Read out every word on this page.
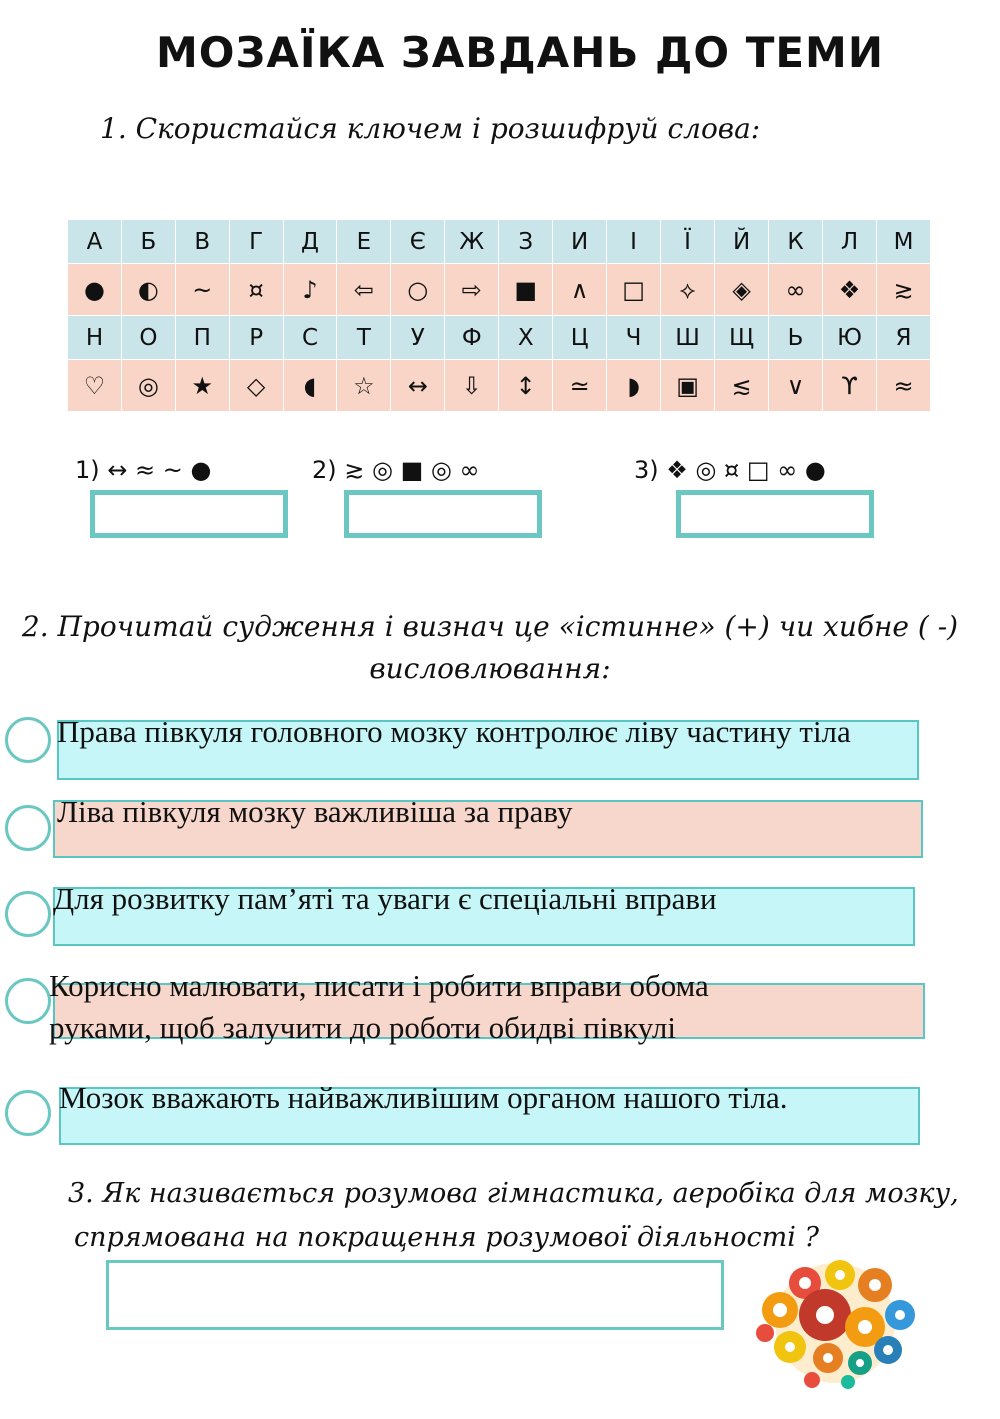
МОЗАЇКА ЗАВДАНЬ ДО ТЕМИ
1. Скористайся ключем і розшифруй слова:
А	Б	В	Г	Д	Е	Є	Ж	З	И	І	Ї	Й	К	Л	М
●	◐	~	¤	♪	⇦	○	⇨	■	∧	□	⟡	◈	∞	❖	≳
Н	О	П	Р	С	Т	У	Ф	Х	Ц	Ч	Ш	Щ	Ь	Ю	Я
♡	◎	★	◇	◖	☆	↔	⇩	↕	≃	◗	▣	≲	∨	ϒ	≈
1) ↔ ≈ ~ ●	2) ≳ ◎ ■ ◎ ∞	3) ❖ ◎ ¤ □ ∞ ●
2. Прочитай судження і визнач це «істинне» (+) чи хибне ( -)
висловлювання:
Права півкуля головного мозку контролює ліву частину тіла
Ліва півкуля мозку важливіша за праву
Для розвитку пам’яті та уваги є спеціальні вправи
Корисно малювати, писати і робити вправи обома
руками, щоб залучити до роботи обидві півкулі
Мозок вважають найважливішим органом нашого тіла.
3. Як називається розумова гімнастика, аеробіка для мозку,
спрямована на покращення розумової діяльності ?
